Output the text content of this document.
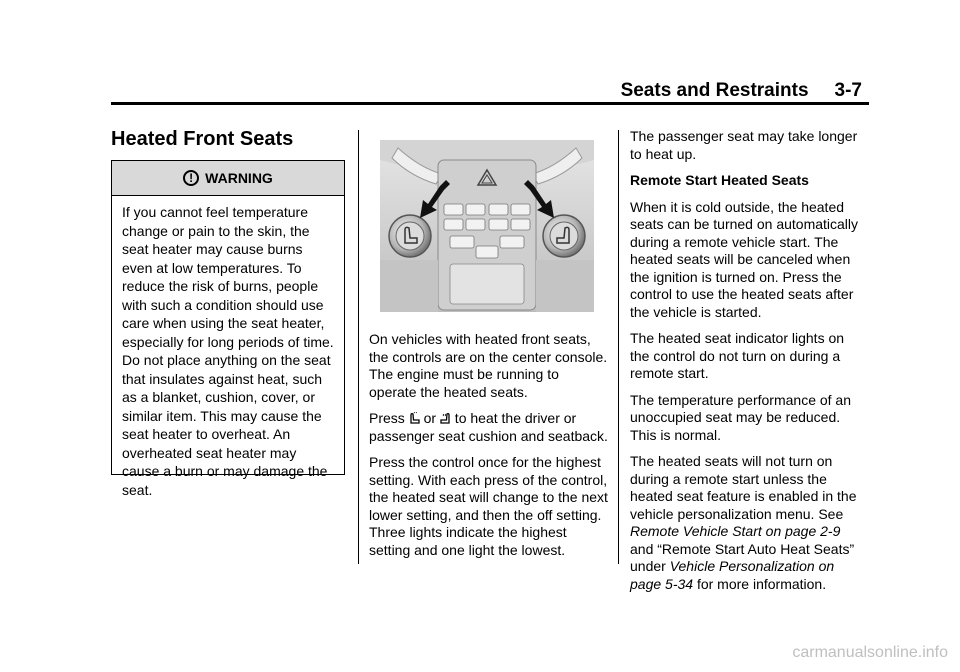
Seats and Restraints 3-7
Heated Front Seats
! WARNING
If you cannot feel temperature change or pain to the skin, the seat heater may cause burns even at low temperatures. To reduce the risk of burns, people with such a condition should use care when using the seat heater, especially for long periods of time. Do not place anything on the seat that insulates against heat, such as a blanket, cushion, cover, or similar item. This may cause the seat heater to overheat. An overheated seat heater may cause a burn or may damage the seat.

On vehicles with heated front seats, the controls are on the center console. The engine must be running to operate the heated seats.

Press  or  to heat the driver or passenger seat cushion and seatback.

Press the control once for the highest setting. With each press of the control, the heated seat will change to the next lower setting, and then the off setting. Three lights indicate the highest setting and one light the lowest.

The passenger seat may take longer to heat up.

Remote Start Heated Seats

When it is cold outside, the heated seats can be turned on automatically during a remote vehicle start. The heated seats will be canceled when the ignition is turned on. Press the control to use the heated seats after the vehicle is started.

The heated seat indicator lights on the control do not turn on during a remote start.

The temperature performance of an unoccupied seat may be reduced. This is normal.

The heated seats will not turn on during a remote start unless the heated seat feature is enabled in the vehicle personalization menu. See Remote Vehicle Start on page 2-9 and “Remote Start Auto Heat Seats” under Vehicle Personalization on page 5-34 for more information.

carmanualsonline.info
